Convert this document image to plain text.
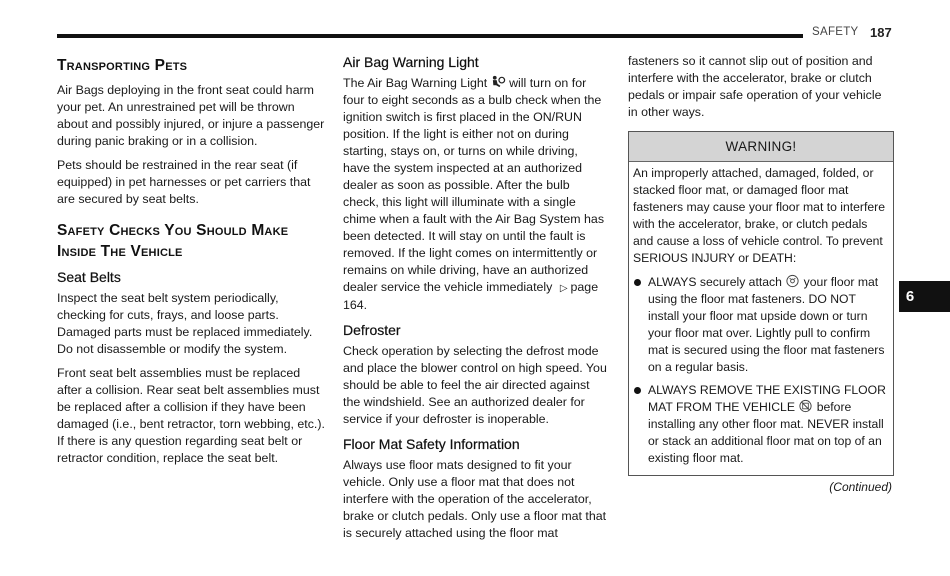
SAFETY 187
Transporting Pets

Air Bags deploying in the front seat could harm your pet. An unrestrained pet will be thrown about and possibly injured, or injure a passenger during panic braking or in a collision.

Pets should be restrained in the rear seat (if equipped) in pet harnesses or pet carriers that are secured by seat belts.

Safety Checks You Should Make Inside The Vehicle
Seat Belts

Inspect the seat belt system periodically, checking for cuts, frays, and loose parts. Damaged parts must be replaced immediately. Do not disassemble or modify the system.

Front seat belt assemblies must be replaced after a collision. Rear seat belt assemblies must be replaced after a collision if they have been damaged (i.e., bent retractor, torn webbing, etc.). If there is any question regarding seat belt or retractor condition, replace the seat belt.

Air Bag Warning Light

The Air Bag Warning Light will turn on for four to eight seconds as a bulb check when the ignition switch is first placed in the ON/RUN position. If the light is either not on during starting, stays on, or turns on while driving, have the system inspected at an authorized dealer as soon as possible. After the bulb check, this light will illuminate with a single chime when a fault with the Air Bag System has been detected. It will stay on until the fault is removed. If the light comes on intermittently or remains on while driving, have an authorized dealer service the vehicle immediately ▷ page 164.

Defroster

Check operation by selecting the defrost mode and place the blower control on high speed. You should be able to feel the air directed against the windshield. See an authorized dealer for service if your defroster is inoperable.

Floor Mat Safety Information

Always use floor mats designed to fit your vehicle. Only use a floor mat that does not interfere with the operation of the accelerator, brake or clutch pedals. Only use a floor mat that is securely attached using the floor mat

fasteners so it cannot slip out of position and interfere with the accelerator, brake or clutch pedals or impair safe operation of your vehicle in other ways.

WARNING!

An improperly attached, damaged, folded, or stacked floor mat, or damaged floor mat fasteners may cause your floor mat to interfere with the accelerator, brake, or clutch pedals and cause a loss of vehicle control. To prevent SERIOUS INJURY or DEATH:

ALWAYS securely attach your floor mat using the floor mat fasteners. DO NOT install your floor mat upside down or turn your floor mat over. Lightly pull to confirm mat is secured using the floor mat fasteners on a regular basis.
ALWAYS REMOVE THE EXISTING FLOOR MAT FROM THE VEHICLE before installing any other floor mat. NEVER install or stack an additional floor mat on top of an existing floor mat.
(Continued)
6
